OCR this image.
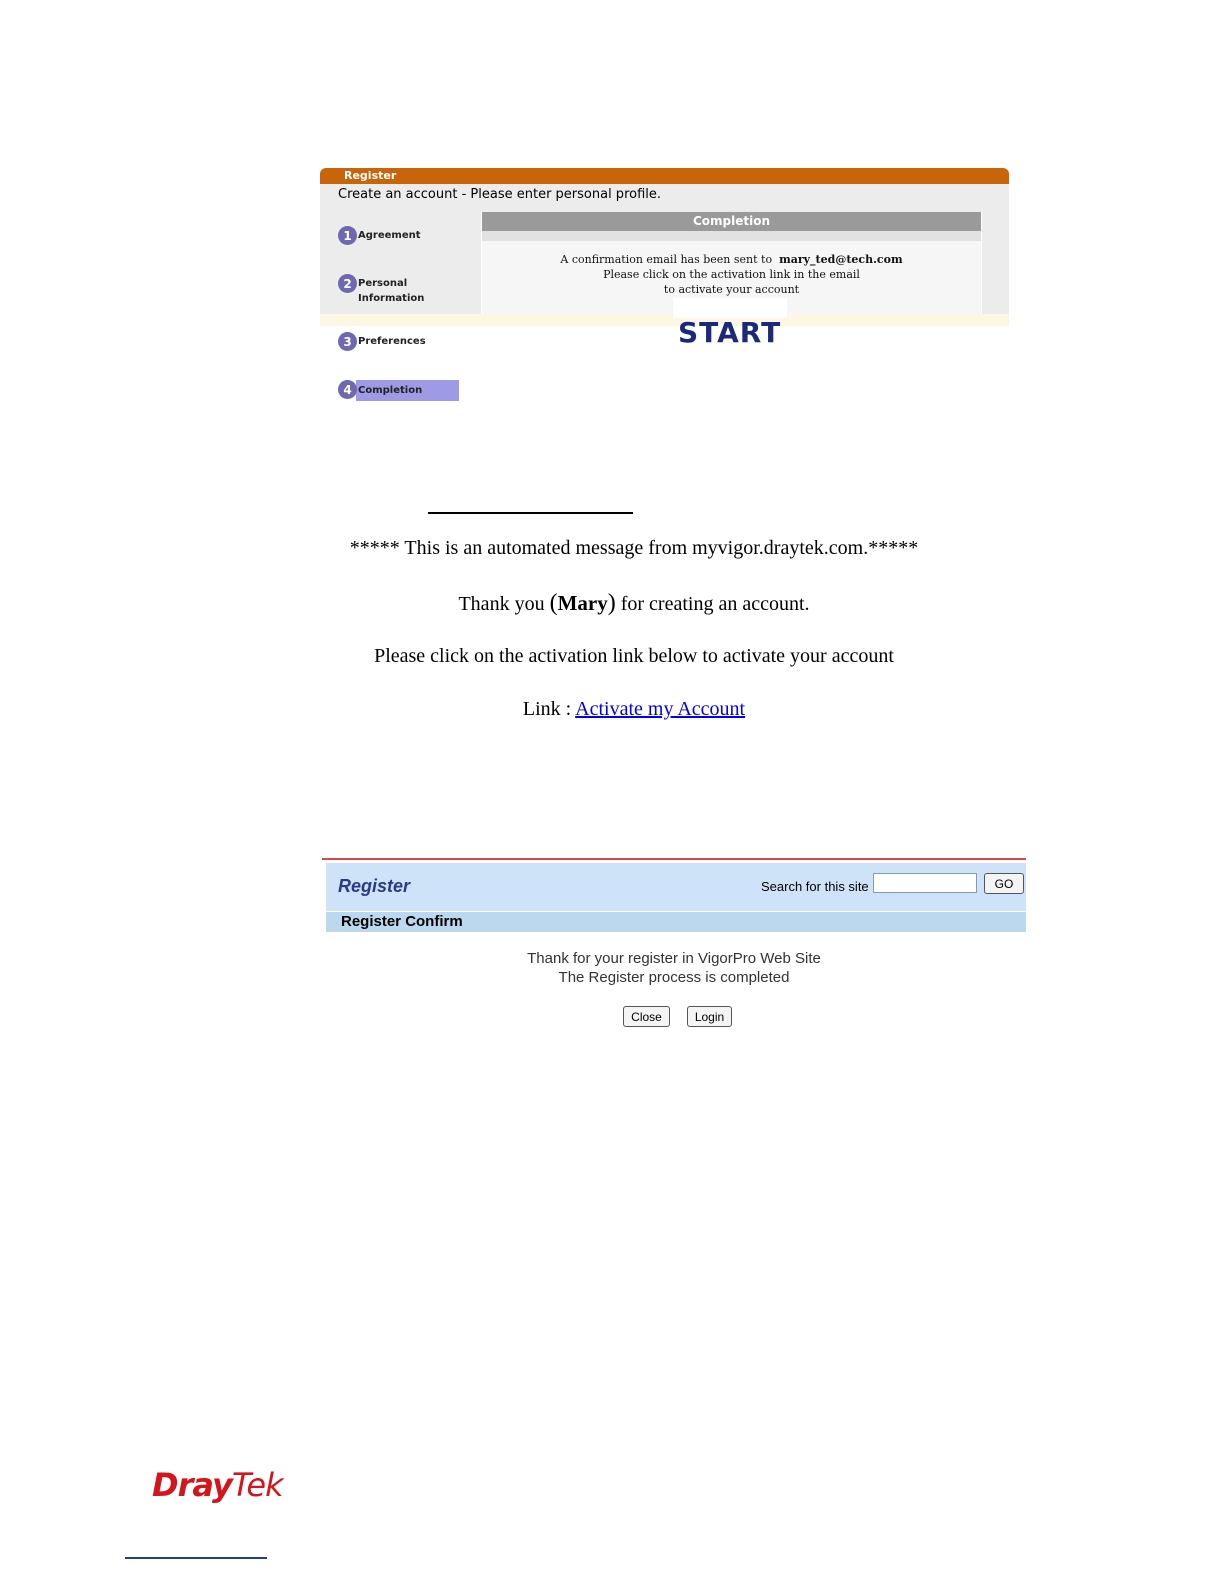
Register
Create an account - Please enter personal profile.
1 Agreement
2 Personal Information
3 Preferences
4 Completion
Completion
A confirmation email has been sent to mary_ted@tech.com
Please click on the activation link in the email
to activate your account
START
***** This is an automated message from myvigor.draytek.com.*****
Thank you (Mary) for creating an account.
Please click on the activation link below to activate your account
Link : Activate my Account
Register	Search for this site	GO
Register Confirm
Thank for your register in VigorPro Web Site
The Register process is completed
Close	Login
DrayTek
